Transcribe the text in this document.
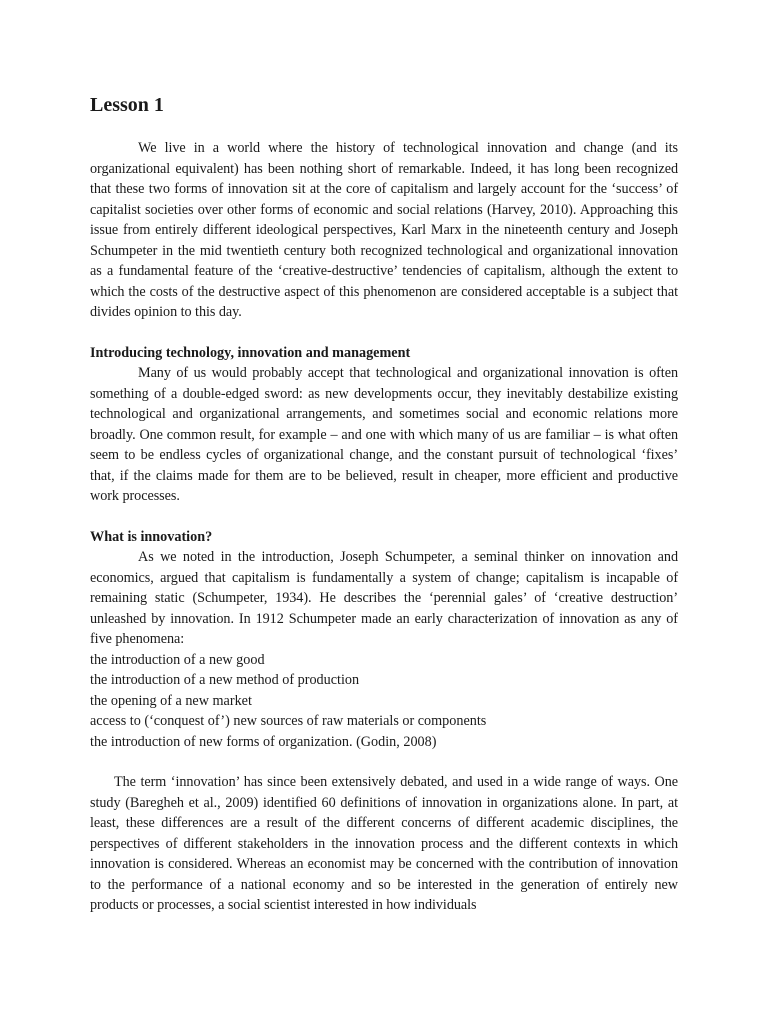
Lesson 1

We live in a world where the history of technological innovation and change (and its organizational equivalent) has been nothing short of remarkable. Indeed, it has long been recognized that these two forms of innovation sit at the core of capitalism and largely account for the ‘success’ of capitalist societies over other forms of economic and social relations (Harvey, 2010). Approaching this issue from entirely different ideological perspectives, Karl Marx in the nineteenth century and Joseph Schumpeter in the mid twentieth century both recognized technological and organizational innovation as a fundamental feature of the ‘creative-destructive’ tendencies of capitalism, although the extent to which the costs of the destructive aspect of this phenomenon are considered acceptable is a subject that divides opinion to this day.

Introducing technology, innovation and management

Many of us would probably accept that technological and organizational innovation is often something of a double-edged sword: as new developments occur, they inevitably destabilize existing technological and organizational arrangements, and sometimes social and economic relations more broadly. One common result, for example – and one with which many of us are familiar – is what often seem to be endless cycles of organizational change, and the constant pursuit of technological ‘fixes’ that, if the claims made for them are to be believed, result in cheaper, more efficient and productive work processes.

What is innovation?

As we noted in the introduction, Joseph Schumpeter, a seminal thinker on innovation and economics, argued that capitalism is fundamentally a system of change; capitalism is incapable of remaining static (Schumpeter, 1934). He describes the ‘perennial gales’ of ‘creative destruction’ unleashed by innovation. In 1912 Schumpeter made an early characterization of innovation as any of five phenomena:

the introduction of a new good
the introduction of a new method of production
the opening of a new market
access to (‘conquest of’) new sources of raw materials or components
the introduction of new forms of organization. (Godin, 2008)

The term ‘innovation’ has since been extensively debated, and used in a wide range of ways. One study (Baregheh et al., 2009) identified 60 definitions of innovation in organizations alone. In part, at least, these differences are a result of the different concerns of different academic disciplines, the perspectives of different stakeholders in the innovation process and the different contexts in which innovation is considered. Whereas an economist may be concerned with the contribution of innovation to the performance of a national economy and so be interested in the generation of entirely new products or processes, a social scientist interested in how individuals
